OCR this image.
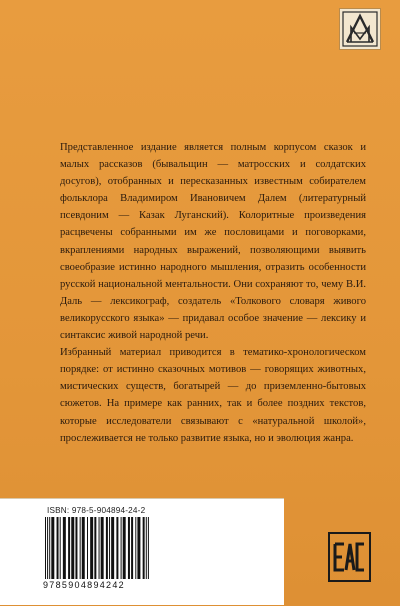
Представленное издание является полным корпусом сказок и малых рассказов (бывальщин — матросских и солдатских досугов), отобранных и пересказанных известным собирателем фольклора Владимиром Ивановичем Далем (литературный псевдоним — Казак Луганский). Колоритные произведения расцвечены собранными им же пословицами и поговорками, вкраплениями народных выражений, позволяющими выявить своеобразие истинно народного мышления, отразить особенности русской национальной ментальности. Они сохраняют то, чему В.И. Даль — лексикограф, создатель «Толкового словаря живого великорусского языка» — придавал особое значение — лексику и синтаксис живой народной речи.

Избранный материал приводится в тематико-хронологическом порядке: от истинно сказочных мотивов — говорящих животных, мистических существ, богатырей — до приземленно-бытовых сюжетов. На примере как ранних, так и более поздних текстов, которые исследователи связывают с «натуральной школой», прослеживается не только развитие языка, но и эволюция жанра.

ISBN: 978-5-904894-24-2
9785904894242
